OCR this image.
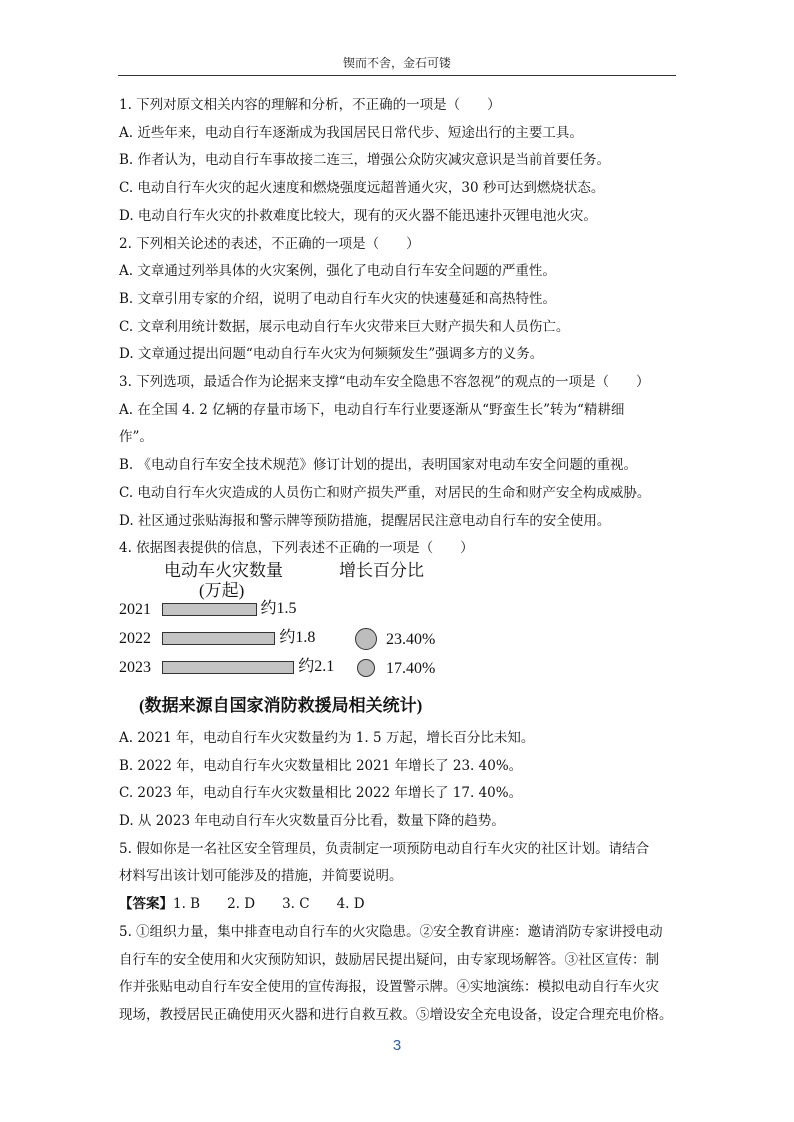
锲而不舍，金石可镂
1. 下列对原文相关内容的理解和分析，不正确的一项是（　　）
A. 近些年来，电动自行车逐渐成为我国居民日常代步、短途出行的主要工具。
B. 作者认为，电动自行车事故接二连三，增强公众防灾减灾意识是当前首要任务。
C. 电动自行车火灾的起火速度和燃烧强度远超普通火灾，30 秒可达到燃烧状态。
D. 电动自行车火灾的扑救难度比较大，现有的灭火器不能迅速扑灭锂电池火灾。
2. 下列相关论述的表述，不正确的一项是（　　）
A. 文章通过列举具体的火灾案例，强化了电动自行车安全问题的严重性。
B. 文章引用专家的介绍，说明了电动自行车火灾的快速蔓延和高热特性。
C. 文章利用统计数据，展示电动自行车火灾带来巨大财产损失和人员伤亡。
D. 文章通过提出问题“电动自行车火灾为何频频发生”强调多方的义务。
3. 下列选项，最适合作为论据来支撑“电动车安全隐患不容忽视”的观点的一项是（　　）
A. 在全国 4. 2 亿辆的存量市场下，电动自行车行业要逐渐从“野蛮生长”转为“精耕细
作”。
B. 《电动自行车安全技术规范》修订计划的提出，表明国家对电动车安全问题的重视。
C. 电动自行车火灾造成的人员伤亡和财产损失严重，对居民的生命和财产安全构成威胁。
D. 社区通过张贴海报和警示牌等预防措施，提醒居民注意电动自行车的安全使用。
4. 依据图表提供的信息，下列表述不正确的一项是（　　）
电动车火灾数量
(万起)
增长百分比
2021	约1.5
2022	约1.8	23.40%
2023	约2.1	17.40%
(数据来源自国家消防救援局相关统计)
A. 2021 年，电动自行车火灾数量约为 1. 5 万起，增长百分比未知。
B. 2022 年，电动自行车火灾数量相比 2021 年增长了 23. 40%。
C. 2023 年，电动自行车火灾数量相比 2022 年增长了 17. 40%。
D. 从 2023 年电动自行车火灾数量百分比看，数量下降的趋势。
5. 假如你是一名社区安全管理员，负责制定一项预防电动自行车火灾的社区计划。请结合
材料写出该计划可能涉及的措施，并简要说明。
【答案】1. B　　2. D　　3. C　　4. D
5. ①组织力量，集中排查电动自行车的火灾隐患。②安全教育讲座：邀请消防专家讲授电动
自行车的安全使用和火灾预防知识，鼓励居民提出疑问，由专家现场解答。③社区宣传：制
作并张贴电动自行车安全使用的宣传海报，设置警示牌。④实地演练：模拟电动自行车火灾
现场，教授居民正确使用灭火器和进行自救互救。⑤增设安全充电设备，设定合理充电价格。
3
